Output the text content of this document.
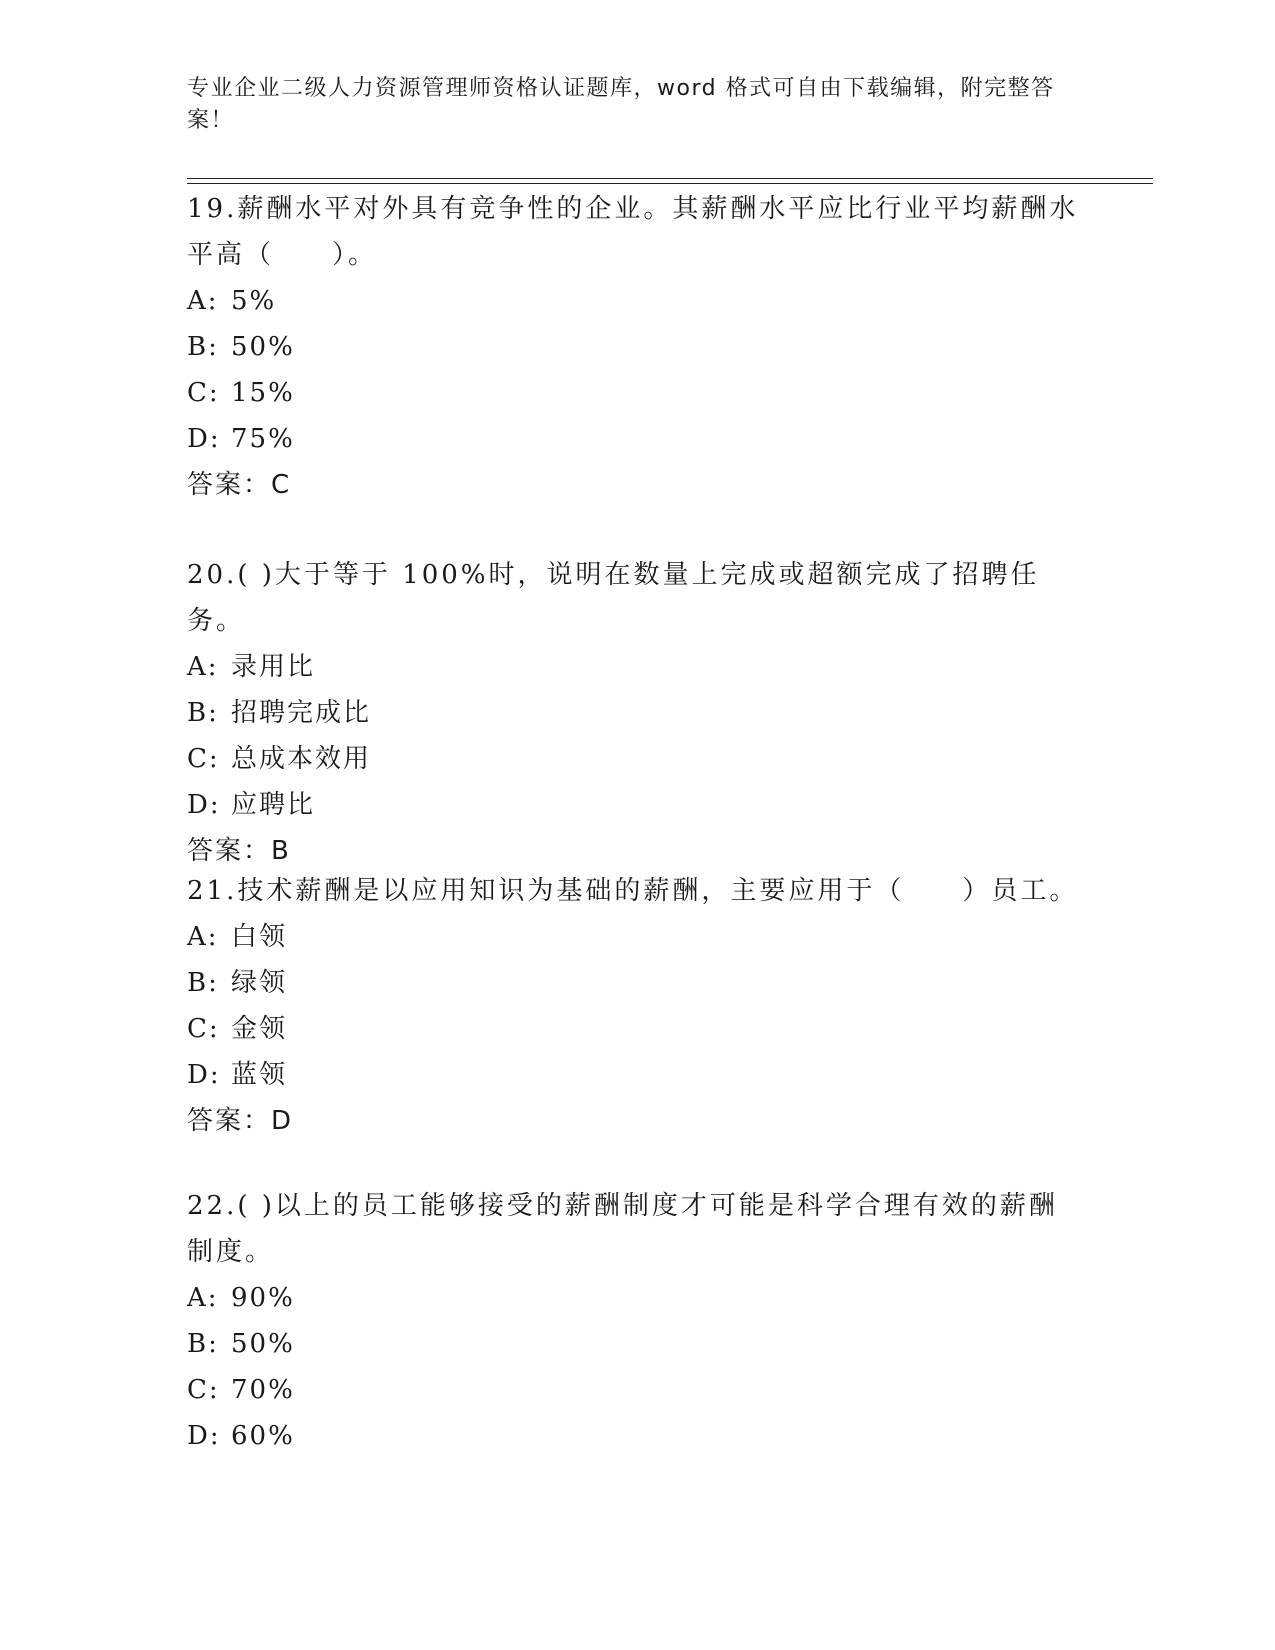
专业企业二级人力资源管理师资格认证题库，word 格式可自由下载编辑，附完整答案！

19.薪酬水平对外具有竞争性的企业。其薪酬水平应比行业平均薪酬水

平高（　　）。

A: 5%

B: 50%

C: 15%

D: 75%

答案：C

20.( )大于等于 100%时，说明在数量上完成或超额完成了招聘任务。

A: 录用比

B: 招聘完成比

C: 总成本效用

D: 应聘比

答案：B

21.技术薪酬是以应用知识为基础的薪酬，主要应用于（　　）员工。

A: 白领

B: 绿领

C: 金领

D: 蓝领

答案：D

22.( )以上的员工能够接受的薪酬制度才可能是科学合理有效的薪酬

制度。

A: 90%

B: 50%

C: 70%

D: 60%
